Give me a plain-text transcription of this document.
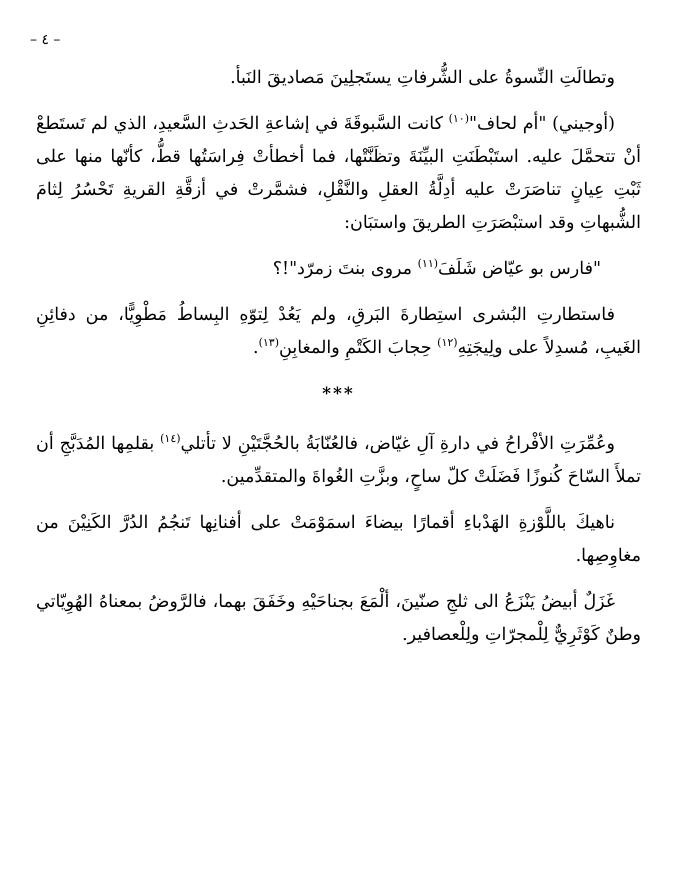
– ٤ –

وتطالَتِ النِّسوةُ على الشُّرفاتِ يستَجلِينَ مَصاديقَ النَبأ.

(أوجيني) "أم لحاف"$^{(١٠)}$ كانت السَّبوقَةَ في إشاعةِ الحَدثِ السَّعيدِ، الذي لم تَستَطعْ أنْ تتحمَّلَ عليه. استَبْطَنَتِ البيِّنَةَ وتظَنَّتْها، فما أخطأتْ فِراسَتُها قطُّ، كأنّها منها على ثَبْتِ عِيانٍ تناصَرَتْ عليه أدِلَّةُ العقلِ والنَّقْلِ، فشمَّرتْ في أزقَّةِ القريةِ تَحْسُرُ لِثامَ الشُّبهاتِ وقد استبْصَرَتِ الطريقَ واستبَان:

"فارس بو عيّاض شَلَفَ$^{(١١)}$ مروى بنتَ زمرّد"!؟

فاستطارتِ البُشرى استِطارةَ البَرقِ، ولم يَعُدْ لِتوّهِ البِساطُ مَطْوِيًّا، من دفائِنِ الغَيبِ، مُسدِلاً على ولِيجَتِهِ$^{(١٢)}$ حِجابَ الكَتْمِ والمغابِنِ$^{(١٣)}$.

***

وعُمِّرَتِ الأفْراحُ في دارةِ آلِ غيّاض، فالعُنّابَةُ بالحُجَّتَيْنِ لا تأتلي$^{(١٤)}$ بقلمِها المُدَبَّجِ أن تملأَ السّاحَ كُنوزًا فَضَلَتْ كلّ ساحٍ، وبزَّتِ الغُواةَ والمتقدِّمين.

ناهيكَ باللَّوْزةِ الهَدْباءِ أقمارًا بيضاءَ اسمَوْمَتْ على أفنانِها تَنجُمُ الدُرَّ الكَنِيْنَ من مغاوِصِها.

غَزَلٌ أبيضُ يَنْزَعُ الى ثلجِ صنّينَ، ألْمَعَ بجناحَيْهِ وخَفَقَ بهما، فالرَّوضُ بمعناهُ الهُوِيّاتي وطنٌ كَوْثَرِيٌّ لِلْمجرّاتِ ولِلْعصافير.
